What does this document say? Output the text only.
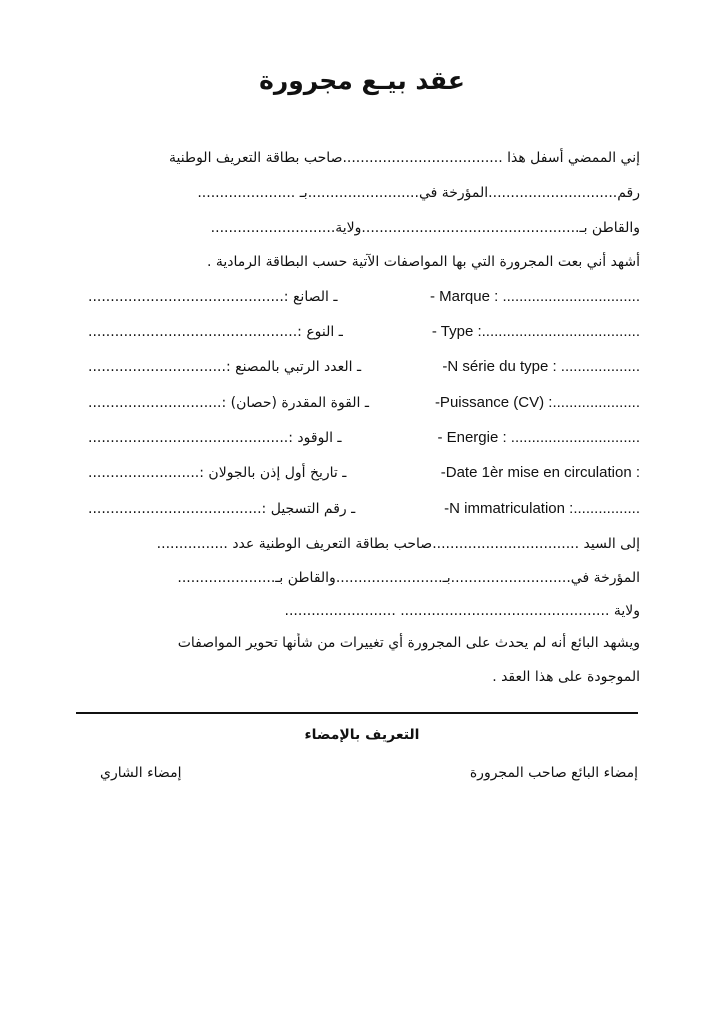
عقد بيـع مجرورة
إني الممضي أسفل هذا ....................................صاحب بطاقة التعريف الوطنية
رقم.............................المؤرخة في.........................بـ ......................
والقاطن بـ.................................................ولاية............................
أشهد أني بعت المجرورة التي بها المواصفات الآتية حسب البطاقة الرمادية .
ـ الصانع :............................................	- Marque : .................................
ـ النوع :...............................................	- Type :......................................
ـ العدد الرتبي بالمصنع :...............................	-N série du type : ...................
ـ القوة المقدرة (حصان) :..............................	-Puissance (CV) :.....................
ـ الوقود :.............................................	- Energie : ...............................
ـ تاريخ أول إذن بالجولان :.........................	-Date 1èr mise en circulation :
ـ رقم التسجيل :.......................................	-N immatriculation :................
إلى السيد .................................صاحب بطاقة التعريف الوطنية عدد ................
المؤرخة في...........................بـ........................والقاطن بـ......................
ولاية ............................................... .........................
ويشهد البائع أنه لم يحدث على المجرورة أي تغييرات من شأنها تحوير المواصفات
الموجودة على هذا العقد .
التعريف بالإمضاء
إمضاء البائع صاحب المجرورة
إمضاء الشاري
